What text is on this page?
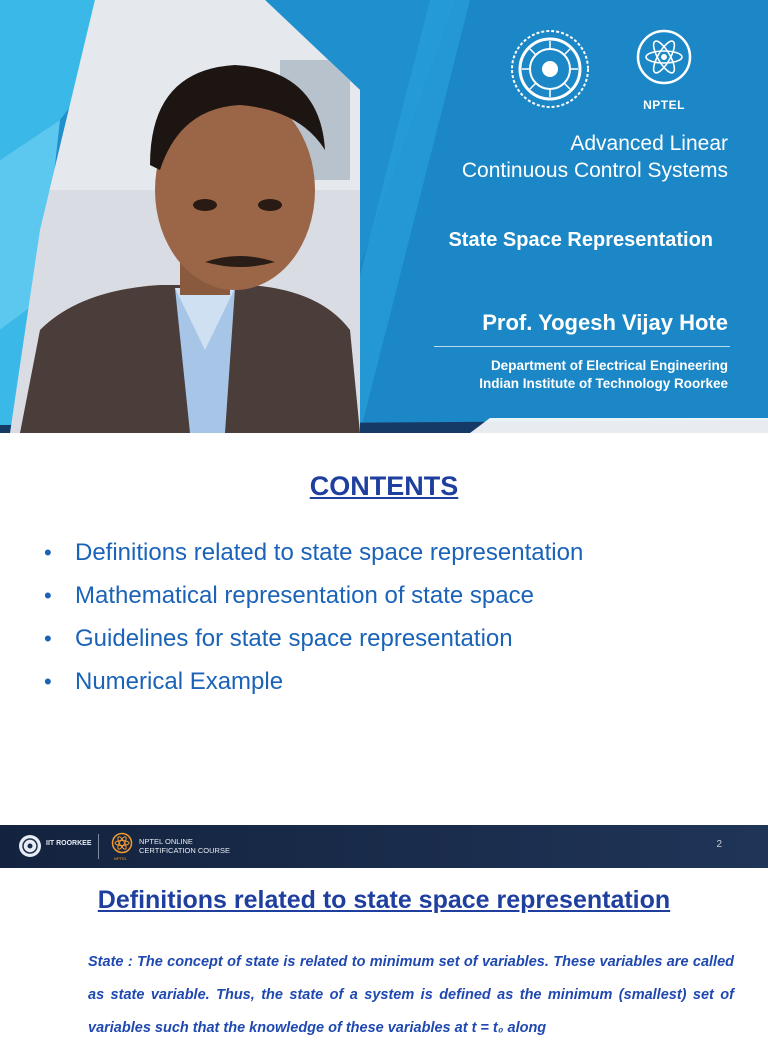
NPTEL
Advanced Linear
Continuous Control Systems
State Space Representation
Prof. Yogesh Vijay Hote
Department of Electrical Engineering
Indian Institute of Technology Roorkee
CONTENTS
• Definitions related to state space representation
• Mathematical representation of state space
• Guidelines for state space representation
• Numerical Example
IIT ROORKEE
NPTEL
NPTEL ONLINE
CERTIFICATION COURSE
2
Definitions related to state space representation
State : The concept of state is related to minimum set of variables. These variables are called as state variable. Thus, the state of a system is defined as the minimum (smallest) set of variables such that the knowledge of these variables at t = t₀ along
